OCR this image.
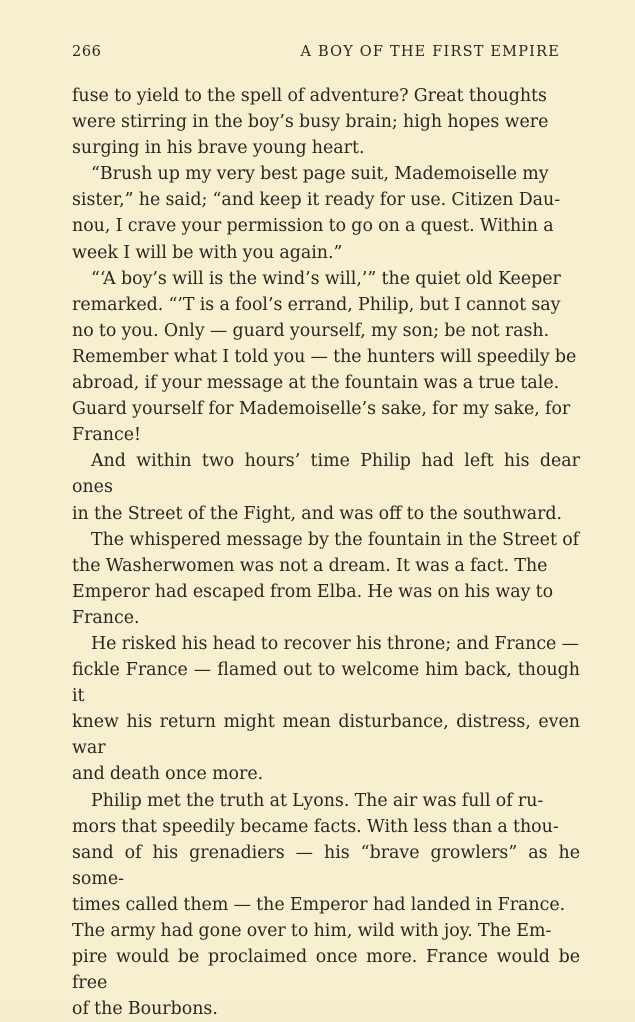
266	A BOY OF THE FIRST EMPIRE

fuse to yield to the spell of adventure? Great thoughts
were stirring in the boy’s busy brain; high hopes were
surging in his brave young heart.

“Brush up my very best page suit, Mademoiselle my
sister,” he said; “and keep it ready for use. Citizen Dau-
nou, I crave your permission to go on a quest. Within a
week I will be with you again.”

“‘A boy’s will is the wind’s will,’” the quiet old Keeper
remarked. “’T is a fool’s errand, Philip, but I cannot say
no to you. Only — guard yourself, my son; be not rash.
Remember what I told you — the hunters will speedily be
abroad, if your message at the fountain was a true tale.
Guard yourself for Mademoiselle’s sake, for my sake, for
France!

And within two hours’ time Philip had left his dear ones
in the Street of the Fight, and was off to the southward.

The whispered message by the fountain in the Street of
the Washerwomen was not a dream. It was a fact. The
Emperor had escaped from Elba. He was on his way to
France.

He risked his head to recover his throne; and France —
fickle France — flamed out to welcome him back, though it
knew his return might mean disturbance, distress, even war
and death once more.

Philip met the truth at Lyons. The air was full of ru-
mors that speedily became facts. With less than a thou-
sand of his grenadiers — his “brave growlers” as he some-
times called them — the Emperor had landed in France.
The army had gone over to him, wild with joy. The Em-
pire would be proclaimed once more. France would be free
of the Bourbons.
